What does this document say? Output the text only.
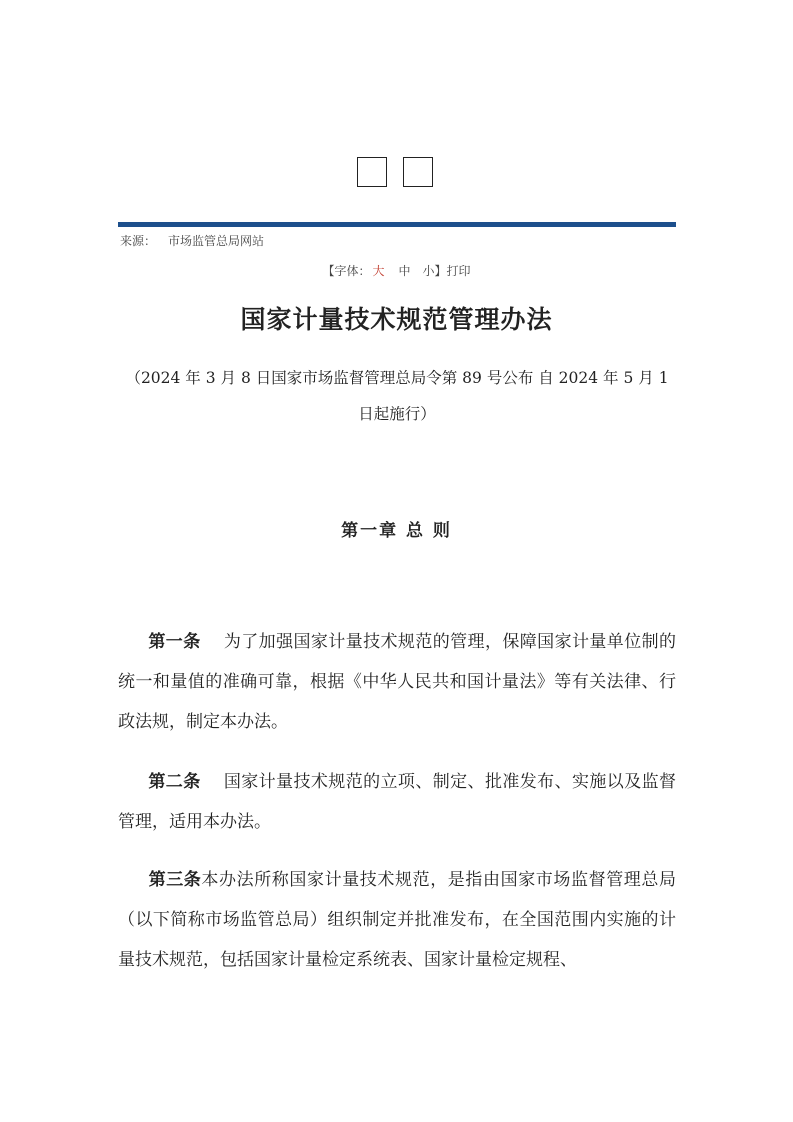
来源： 市场监管总局网站
【字体： 大 中 小】打印
国家计量技术规范管理办法
（2024 年 3 月 8 日国家市场监督管理总局令第 89 号公布 自 2024 年 5 月 1 日起施行）
第一章 总 则
第一条 为了加强国家计量技术规范的管理，保障国家计量单位制的统一和量值的准确可靠，根据《中华人民共和国计量法》等有关法律、行政法规，制定本办法。
第二条 国家计量技术规范的立项、制定、批准发布、实施以及监督管理，适用本办法。
第三条本办法所称国家计量技术规范，是指由国家市场监督管理总局（以下简称市场监管总局）组织制定并批准发布，在全国范围内实施的计量技术规范，包括国家计量检定系统表、国家计量检定规程、
